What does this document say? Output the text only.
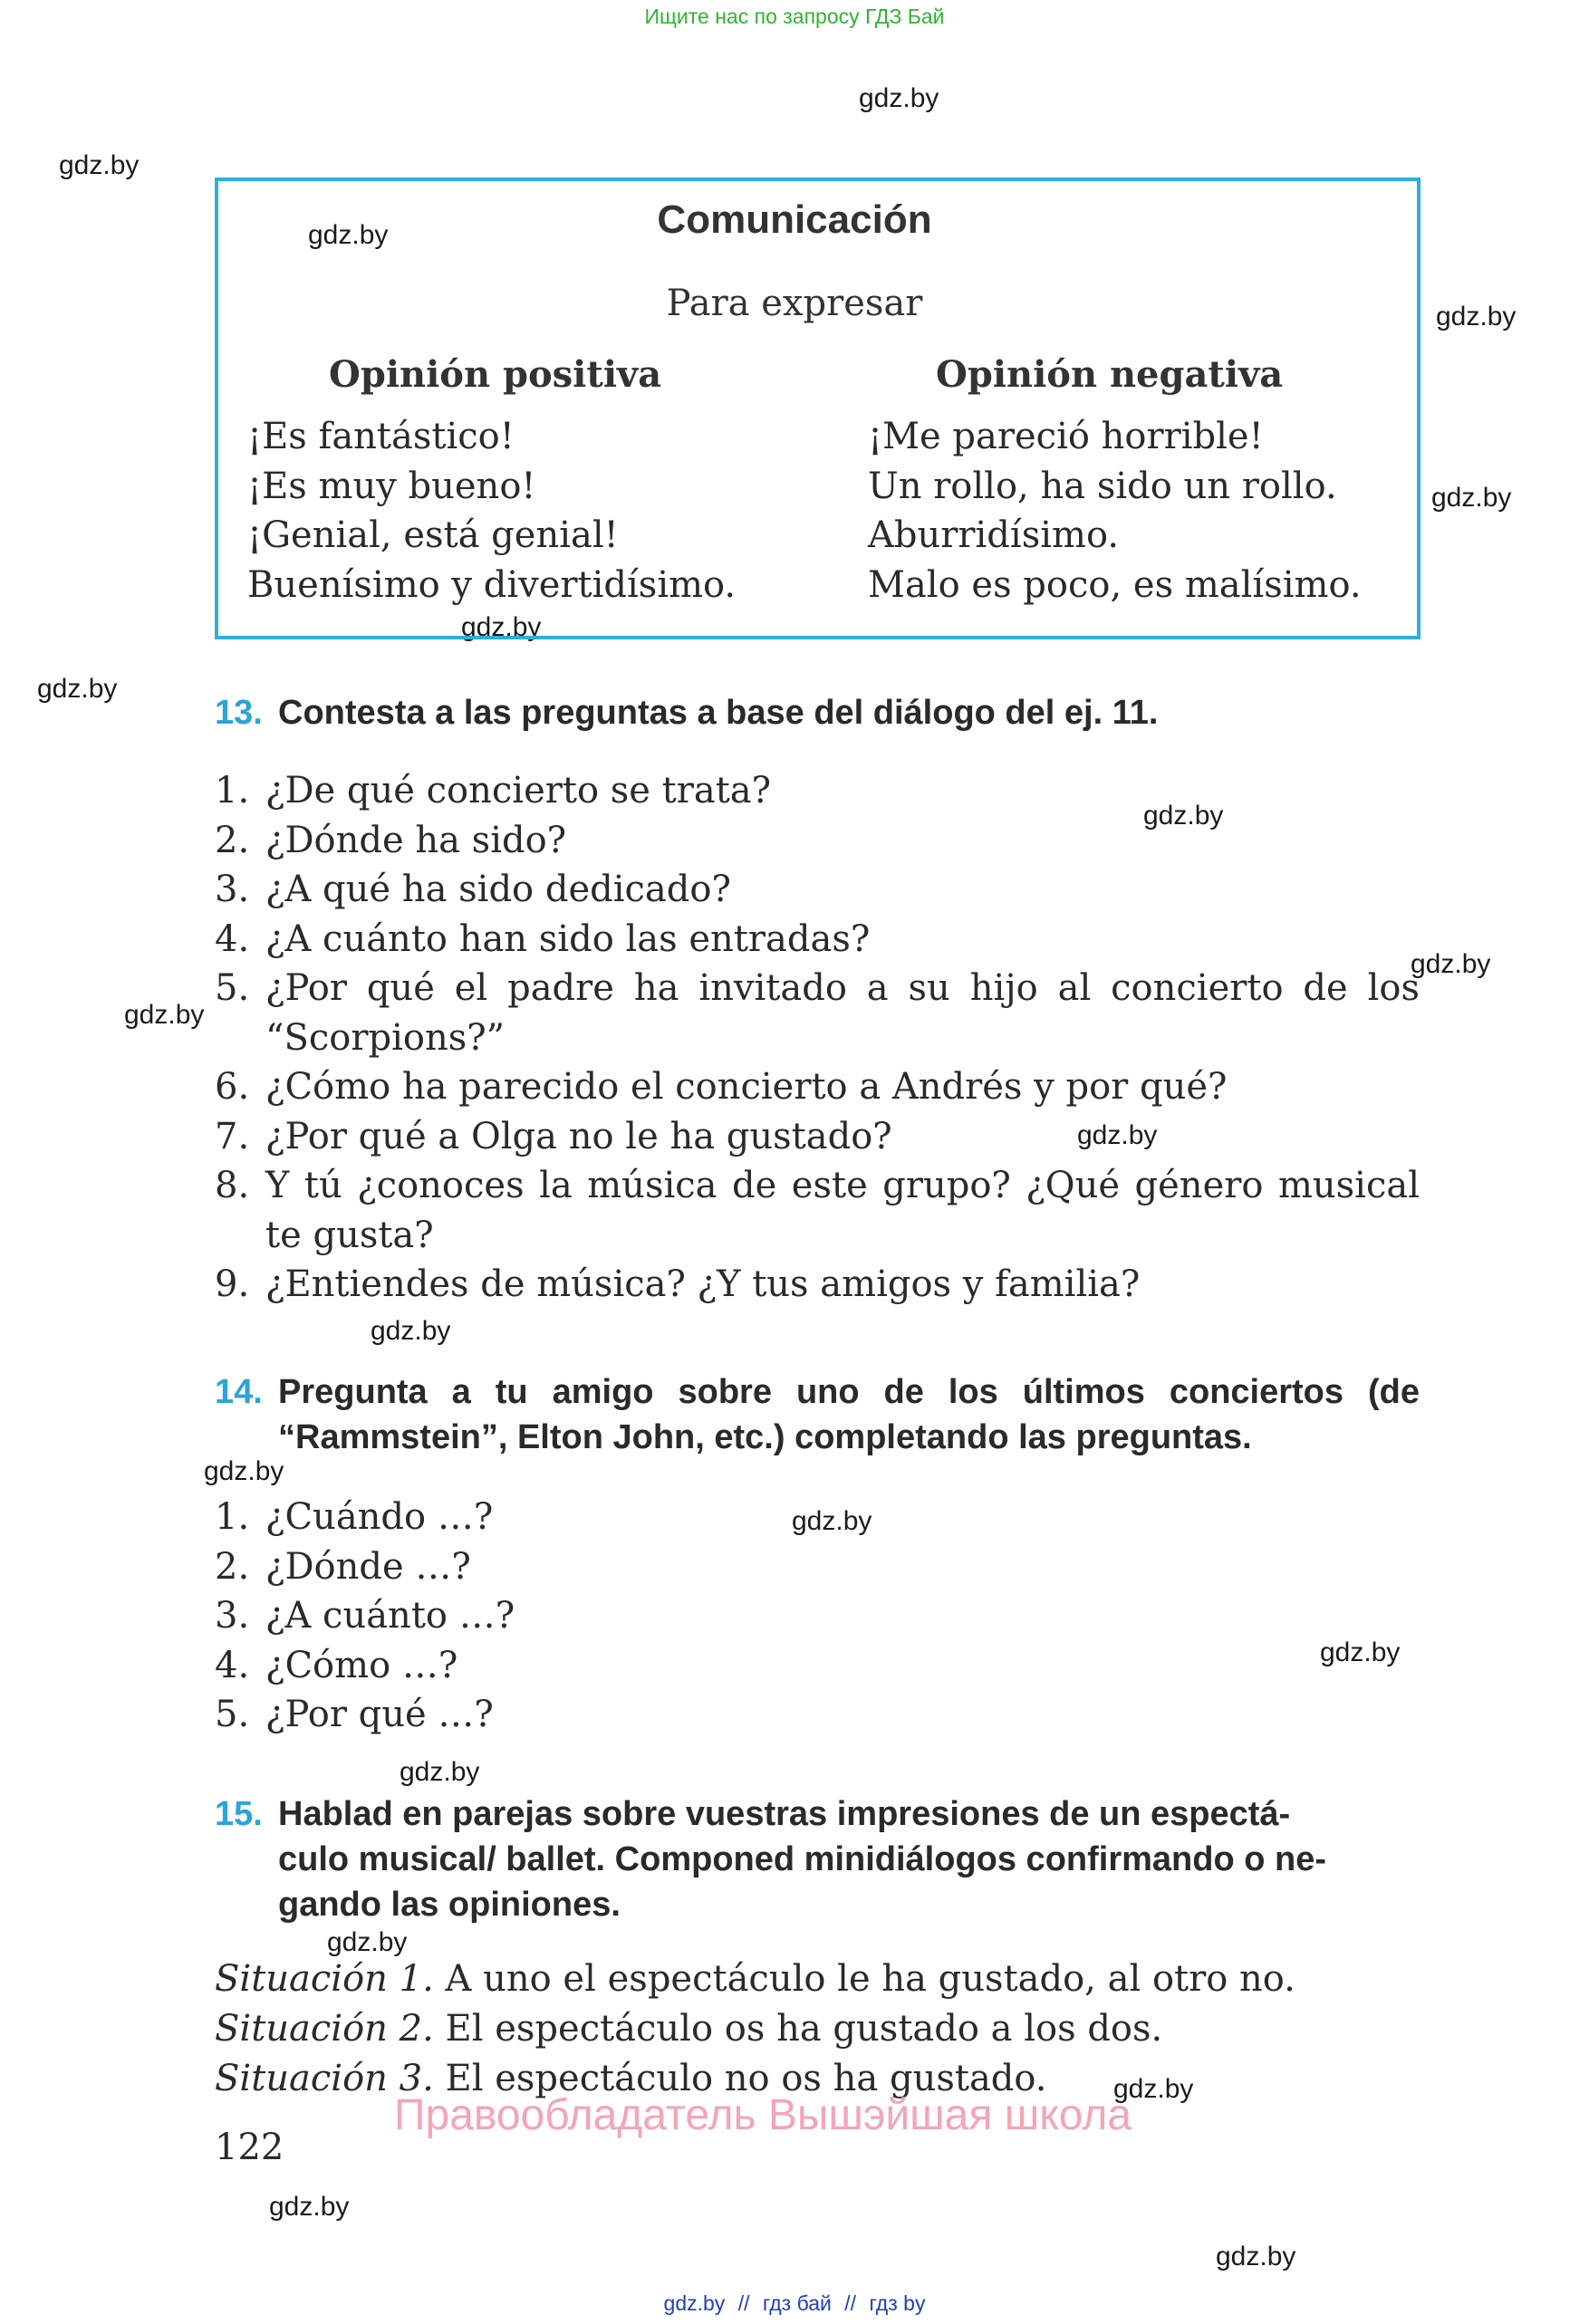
Ищите нас по запросу ГДЗ Бай
gdz.by
gdz.by
gdz.by
gdz.by
gdz.by
gdz.by
gdz.by
gdz.by
gdz.by
gdz.by
gdz.by
gdz.by
gdz.by
gdz.by
gdz.by
gdz.by
gdz.by
gdz.by
gdz.by
gdz.by
Comunicación
Para expresar
Opinión positiva	Opinión negativa
¡Es fantástico!
¡Es muy bueno!
¡Genial, está genial!
Buenísimo y divertidísimo.
¡Me pareció horrible!
Un rollo, ha sido un rollo.
Aburridísimo.
Malo es poco, es malísimo.
13. Contesta a las preguntas a base del diálogo del ej. 11.
1. ¿De qué concierto se trata?
2. ¿Dónde ha sido?
3. ¿A qué ha sido dedicado?
4. ¿A cuánto han sido las entradas?
5. ¿Por qué el padre ha invitado a su hijo al concierto de los “Scorpions?”
6. ¿Cómo ha parecido el concierto a Andrés y por qué?
7. ¿Por qué a Olga no le ha gustado?
8. Y tú ¿conoces la música de este grupo? ¿Qué género musical te gusta?
9. ¿Entiendes de música? ¿Y tus amigos y familia?
14. Pregunta a tu amigo sobre uno de los últimos conciertos (de
“Rammstein”, Elton John, etc.) completando las preguntas.
1. ¿Cuándo …?
2. ¿Dónde …?
3. ¿A cuánto …?
4. ¿Cómo …?
5. ¿Por qué …?
15. Hablad en parejas sobre vuestras impresiones de un espectá-
culo musical/ ballet. Componed minidiálogos confirmando o ne-
gando las opiniones.
Situación 1. A uno el espectáculo le ha gustado, al otro no.
Situación 2. El espectáculo os ha gustado a los dos.
Situación 3. El espectáculo no os ha gustado.
Правообладатель Вышэйшая школа
122
gdz.by // гдз бай // гдз by
